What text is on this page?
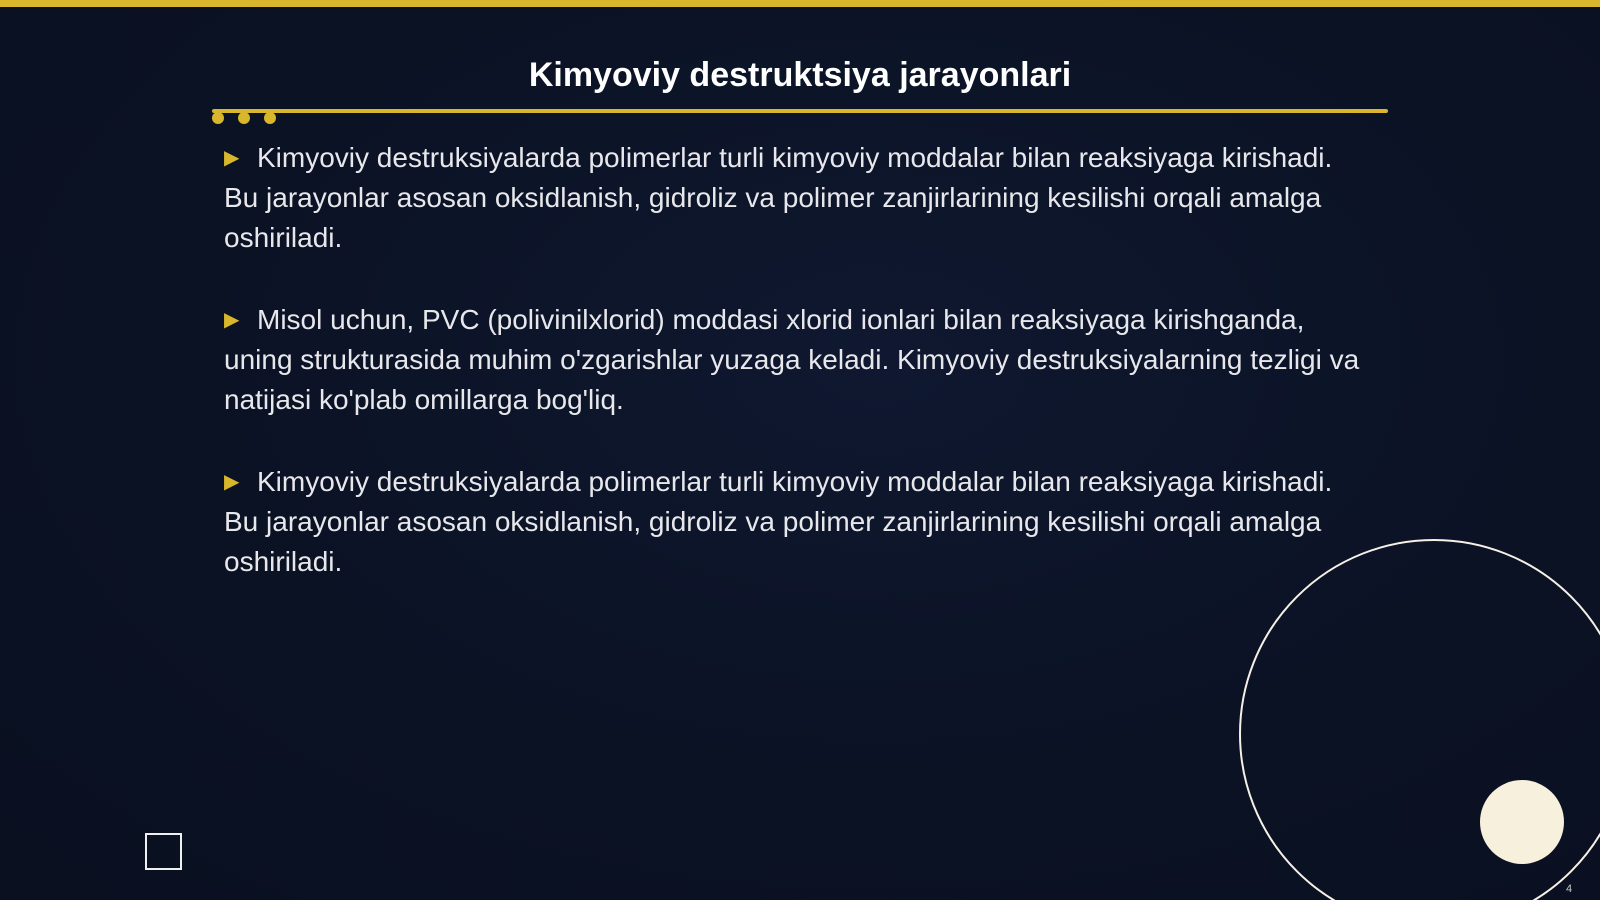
Kimyoviy destruktsiya jarayonlari
▶ Kimyoviy destruksiyalarda polimerlar turli kimyoviy moddalar bilan reaksiyaga kirishadi. Bu jarayonlar asosan oksidlanish, gidroliz va polimer zanjirlarining kesilishi orqali amalga oshiriladi.
▶ Misol uchun, PVC (polivinilxlorid) moddasi xlorid ionlari bilan reaksiyaga kirishganda, uning strukturasida muhim o'zgarishlar yuzaga keladi. Kimyoviy destruksiyalarning tezligi va natijasi ko'plab omillarga bog'liq.
▶ Kimyoviy destruksiyalarda polimerlar turli kimyoviy moddalar bilan reaksiyaga kirishadi. Bu jarayonlar asosan oksidlanish, gidroliz va polimer zanjirlarining kesilishi orqali amalga oshiriladi.
4
